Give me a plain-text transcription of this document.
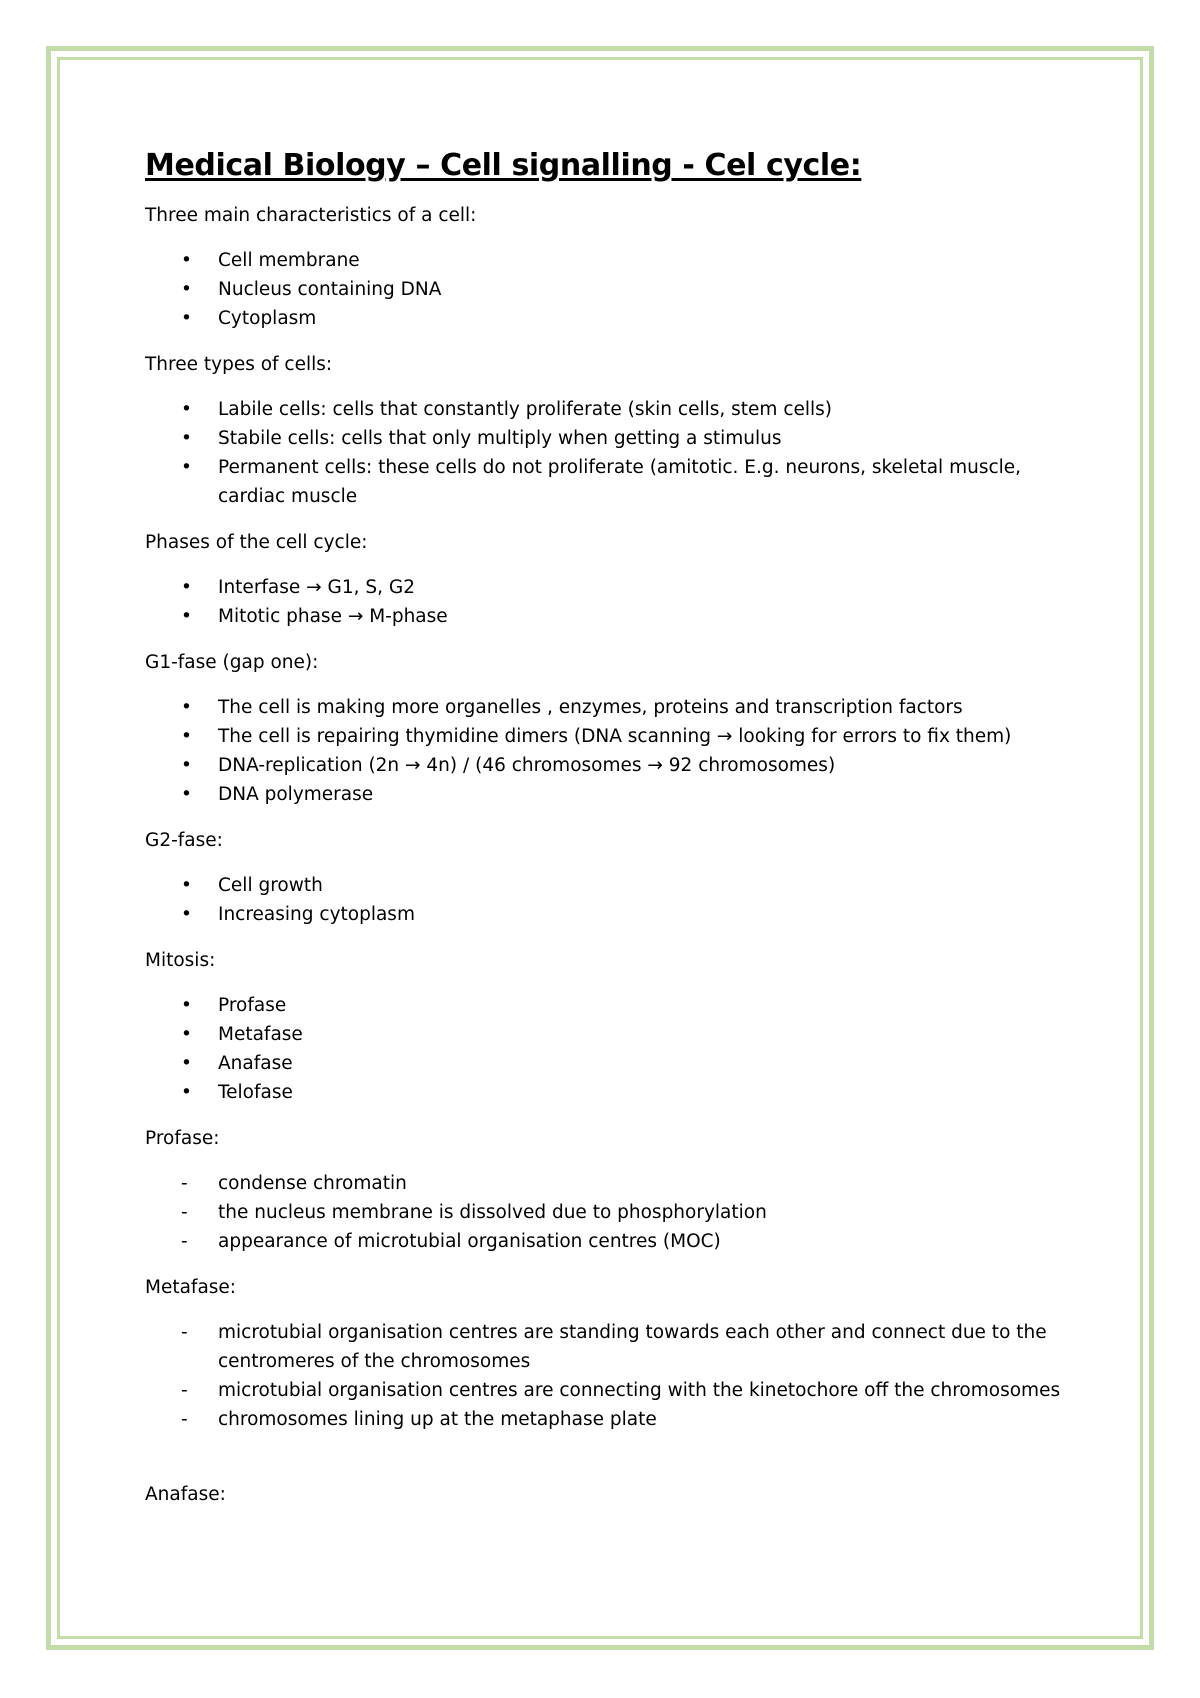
Medical Biology – Cell signalling - Cel cycle:

Three main characteristics of a cell:

•	Cell membrane
•	Nucleus containing DNA
•	Cytoplasm

Three types of cells:

•	Labile cells: cells that constantly proliferate (skin cells, stem cells)
•	Stabile cells: cells that only multiply when getting a stimulus
•	Permanent cells: these cells do not proliferate (amitotic. E.g. neurons, skeletal muscle, cardiac muscle

Phases of the cell cycle:

•	Interfase → G1, S, G2
•	Mitotic phase → M-phase

G1-fase (gap one):

•	The cell is making more organelles , enzymes, proteins and transcription factors
•	The cell is repairing thymidine dimers (DNA scanning → looking for errors to fix them)
•	DNA-replication (2n → 4n) / (46 chromosomes → 92 chromosomes)
•	DNA polymerase

G2-fase:

•	Cell growth
•	Increasing cytoplasm

Mitosis:

•	Profase
•	Metafase
•	Anafase
•	Telofase

Profase:

-	condense chromatin
-	the nucleus membrane is dissolved due to phosphorylation
-	appearance of microtubial organisation centres (MOC)

Metafase:

-	microtubial organisation centres are standing towards each other and connect due to the centromeres of the chromosomes
-	microtubial organisation centres are connecting with the kinetochore off the chromosomes
-	chromosomes lining up at the metaphase plate

Anafase:
